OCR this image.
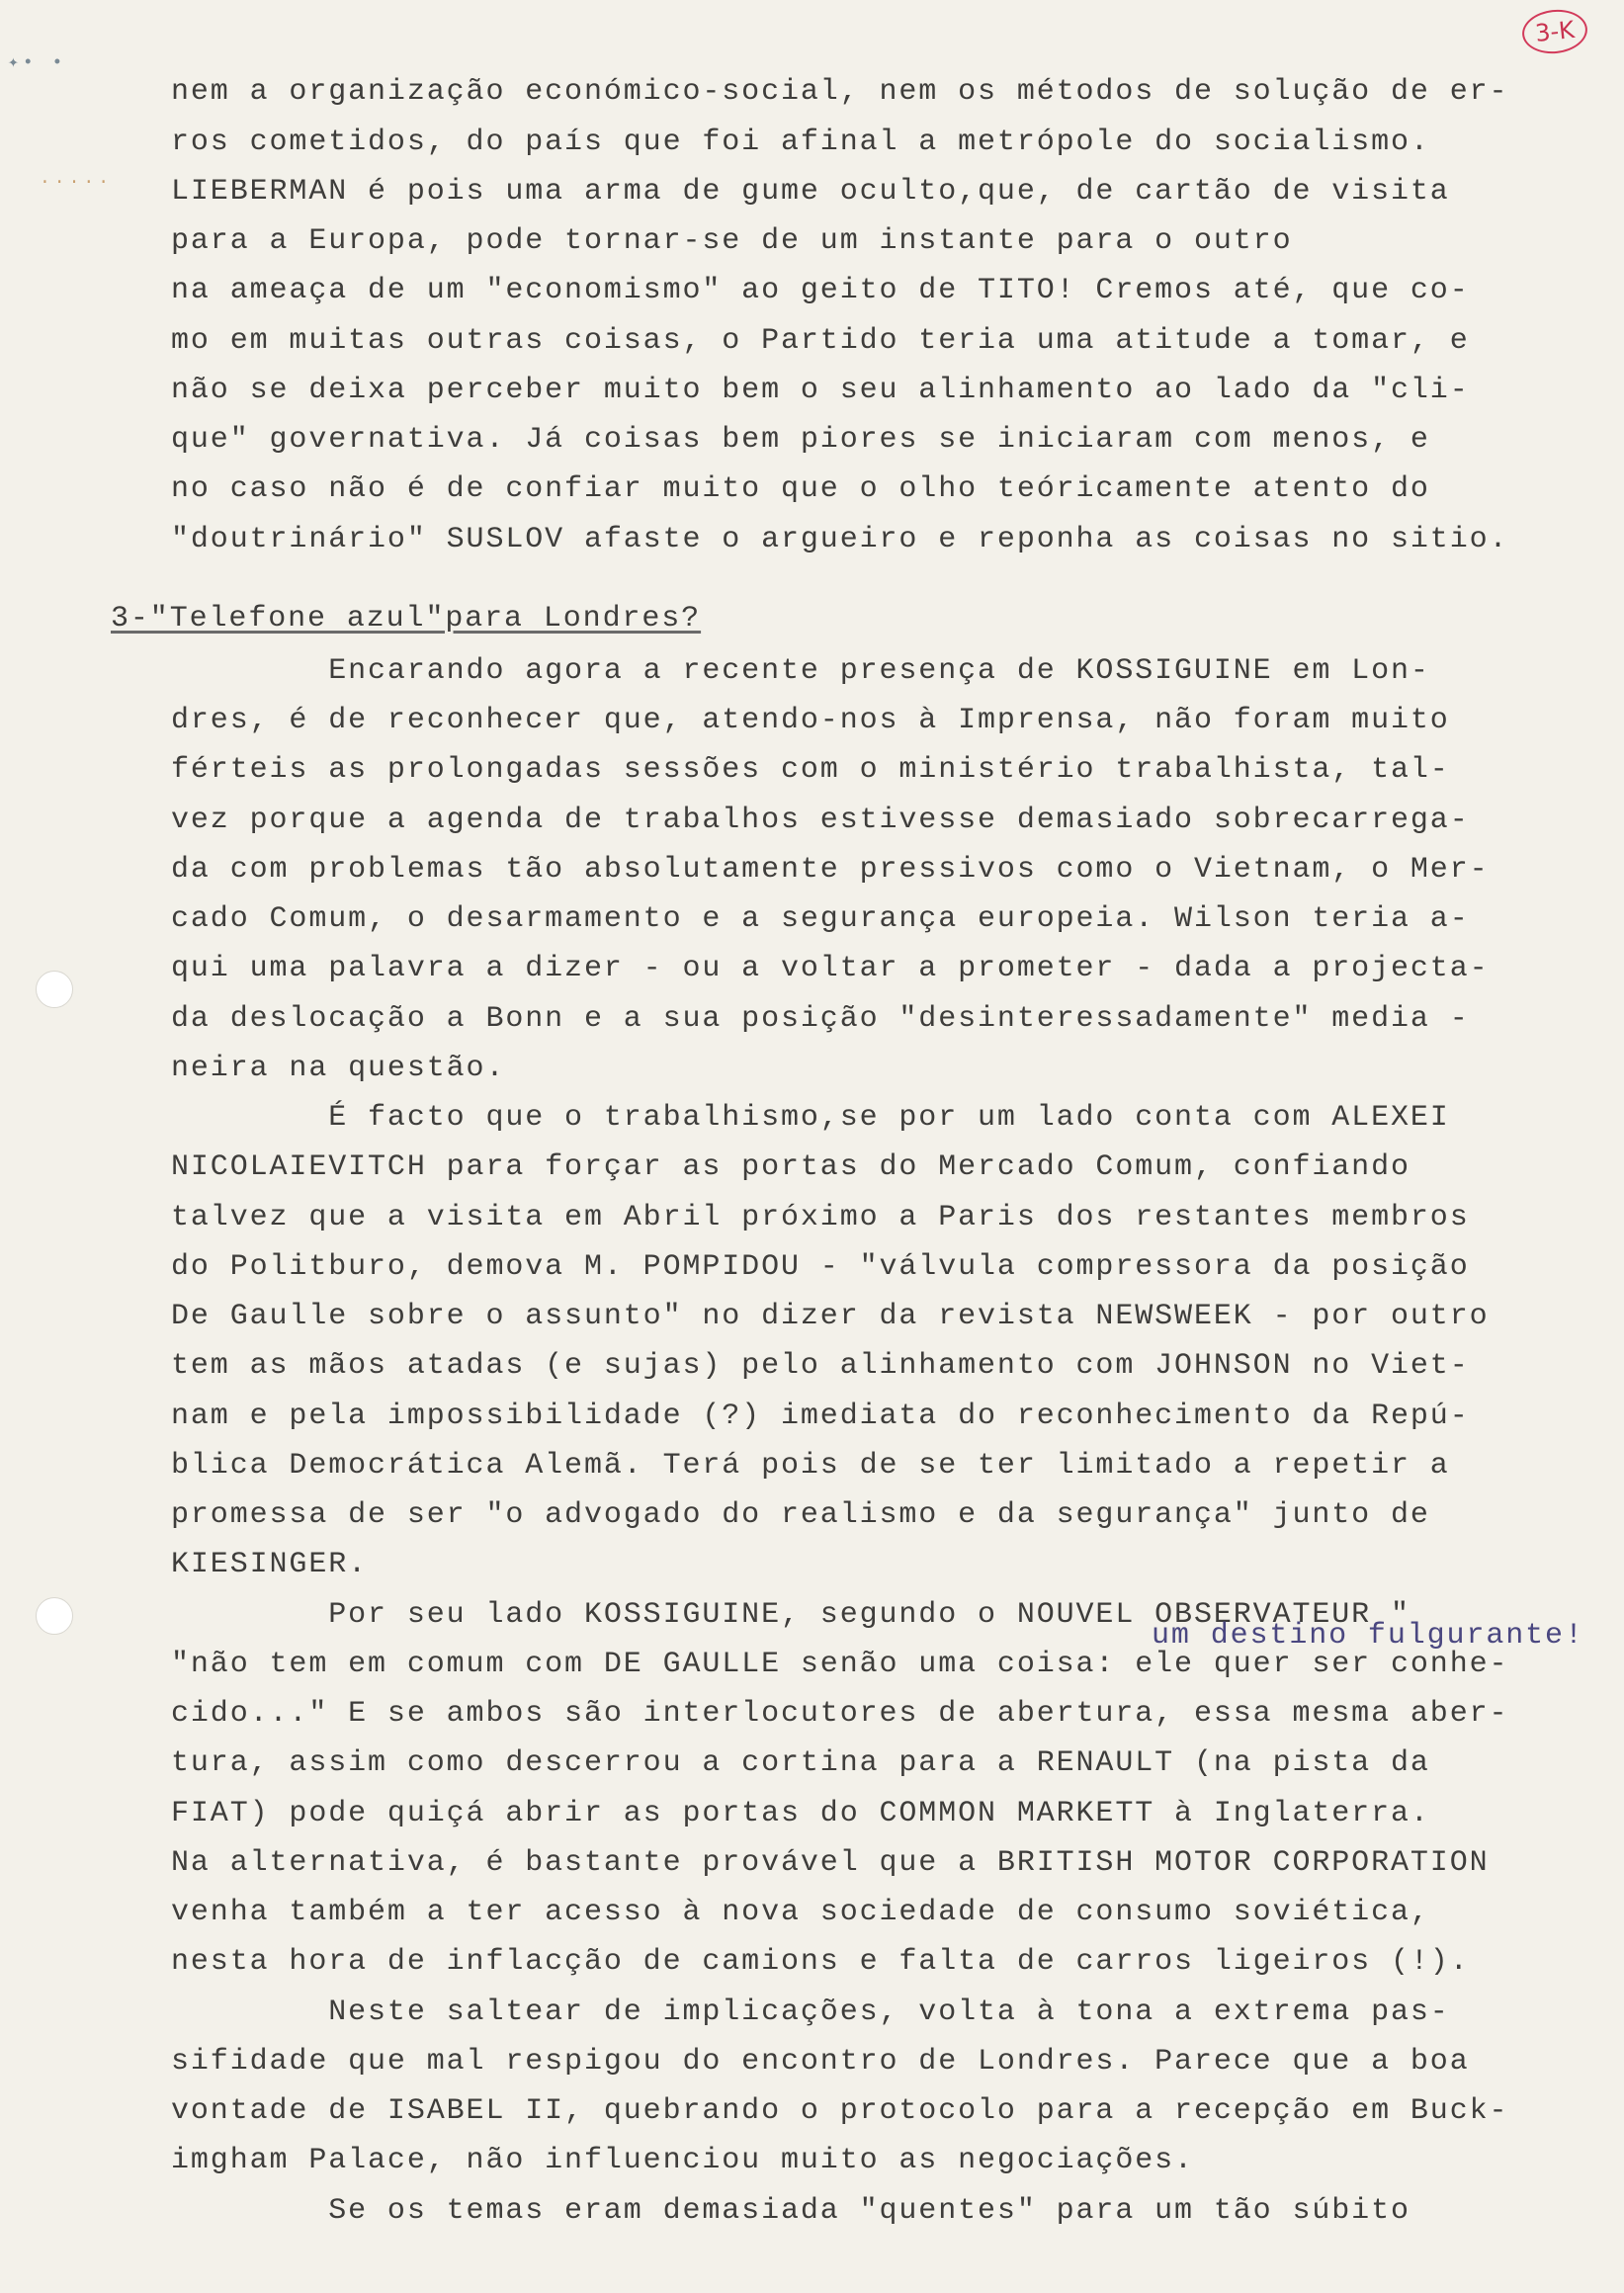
3-K
✦• •
·····
nem a organização económico-social, nem os métodos de solução de er-
ros cometidos, do país que foi afinal a metrópole do socialismo.
LIEBERMAN é pois uma arma de gume oculto,que, de cartão de visita
para a Europa, pode tornar-se de um instante para o outro
na ameaça de um "economismo" ao geito de TITO! Cremos até, que co-
mo em muitas outras coisas, o Partido teria uma atitude a tomar, e
não se deixa perceber muito bem o seu alinhamento ao lado da "cli-
que" governativa. Já coisas bem piores se iniciaram com menos, e
no caso não é de confiar muito que o olho teóricamente atento do
"doutrinário" SUSLOV afaste o argueiro e reponha as coisas no sitio.
3-"Telefone azul"para Londres?
Encarando agora a recente presença de KOSSIGUINE em Lon-
dres, é de reconhecer que, atendo-nos à Imprensa, não foram muito
férteis as prolongadas sessões com o ministério trabalhista, tal-
vez porque a agenda de trabalhos estivesse demasiado sobrecarrega-
da com problemas tão absolutamente pressivos como o Vietnam, o Mer-
cado Comum, o desarmamento e a segurança europeia. Wilson teria a-
qui uma palavra a dizer - ou a voltar a prometer - dada a projecta-
da deslocação a Bonn e a sua posição "desinteressadamente" media -
neira na questão.
É facto que o trabalhismo,se por um lado conta com ALEXEI
NICOLAIEVITCH para forçar as portas do Mercado Comum, confiando
talvez que a visita em Abril próximo a Paris dos restantes membros
do Politburo, demova M. POMPIDOU - "válvula compressora da posição
De Gaulle sobre o assunto" no dizer da revista NEWSWEEK - por outro
tem as mãos atadas (e sujas) pelo alinhamento com JOHNSON no Viet-
nam e pela impossibilidade (?) imediata do reconhecimento da Repú-
blica Democrática Alemã. Terá pois de se ter limitado a repetir a
promessa de ser "o advogado do realismo e da segurança" junto de
KIESINGER.
Por seu lado KOSSIGUINE, segundo o NOUVEL OBSERVATEUR "
um destino fulgurante!
"não tem em comum com DE GAULLE senão uma coisa: ele quer ser conhe-
cido..." E se ambos são interlocutores de abertura, essa mesma aber-
tura, assim como descerrou a cortina para a RENAULT (na pista da
FIAT) pode quiçá abrir as portas do COMMON MARKETT à Inglaterra.
Na alternativa, é bastante provável que a BRITISH MOTOR CORPORATION
venha também a ter acesso à nova sociedade de consumo soviética,
nesta hora de inflacção de camions e falta de carros ligeiros (!).
Neste saltear de implicações, volta à tona a extrema pas-
sifidade que mal respigou do encontro de Londres. Parece que a boa
vontade de ISABEL II, quebrando o protocolo para a recepção em Buck-
imgham Palace, não influenciou muito as negociações.
Se os temas eram demasiada "quentes" para um tão súbito
